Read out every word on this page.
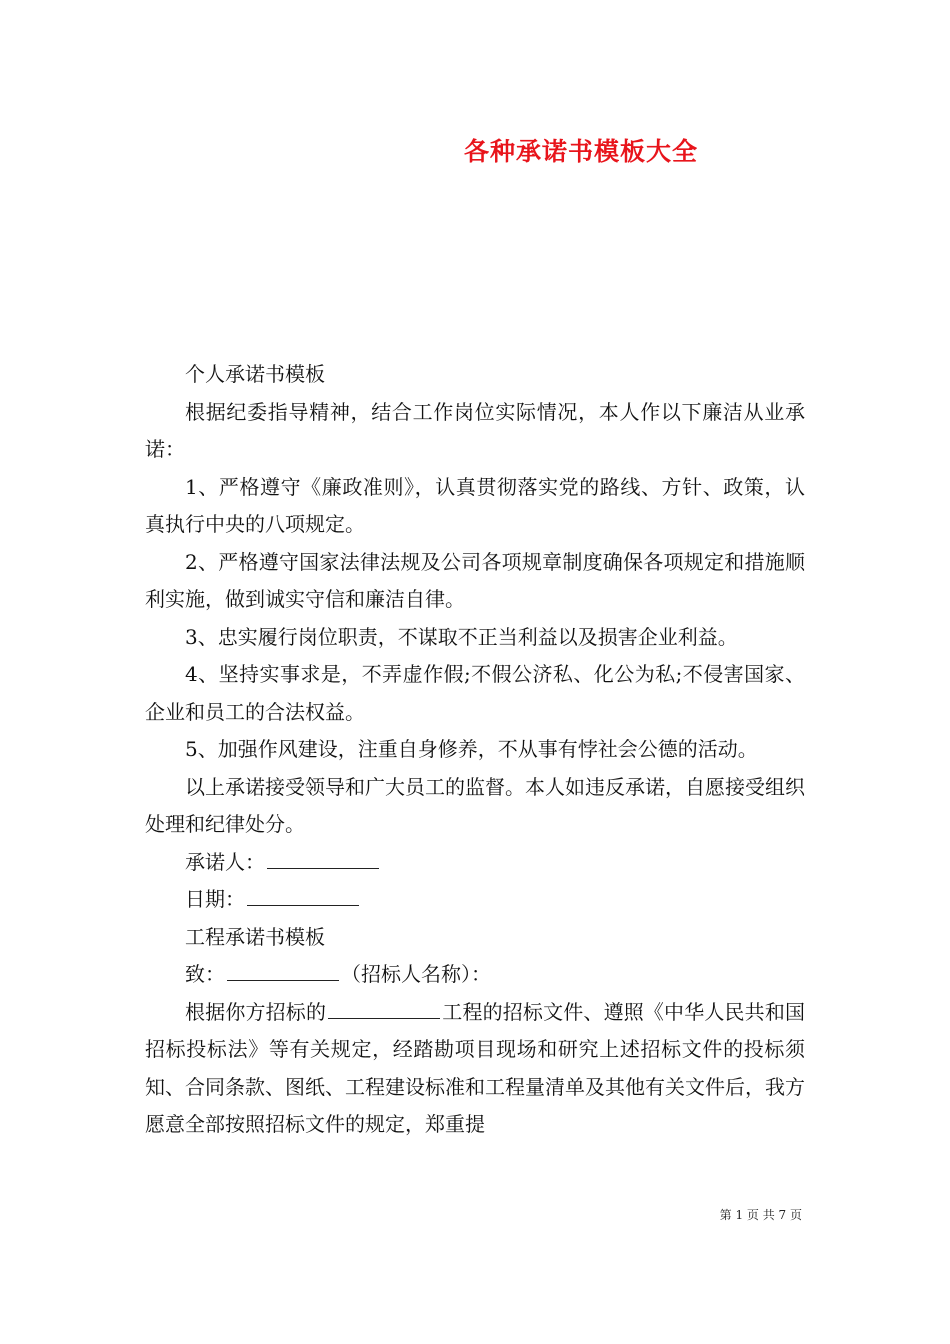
各种承诺书模板大全

个人承诺书模板

根据纪委指导精神，结合工作岗位实际情况，本人作以下廉洁从业承诺：

1、严格遵守《廉政准则》，认真贯彻落实党的路线、方针、政策，认真执行中央的八项规定。

2、严格遵守国家法律法规及公司各项规章制度确保各项规定和措施顺利实施，做到诚实守信和廉洁自律。

3、忠实履行岗位职责，不谋取不正当利益以及损害企业利益。

4、坚持实事求是，不弄虚作假;不假公济私、化公为私;不侵害国家、企业和员工的合法权益。

5、加强作风建设，注重自身修养，不从事有悖社会公德的活动。

以上承诺接受领导和广大员工的监督。本人如违反承诺，自愿接受组织处理和纪律处分。

承诺人：

日期：

工程承诺书模板

致：	（招标人名称）：

根据你方招标的	工程的招标文件、遵照《中华人民共和国招标投标法》等有关规定，经踏勘项目现场和研究上述招标文件的投标须知、合同条款、图纸、工程建设标准和工程量清单及其他有关文件后，我方愿意全部按照招标文件的规定，郑重提

第 1 页 共 7 页
